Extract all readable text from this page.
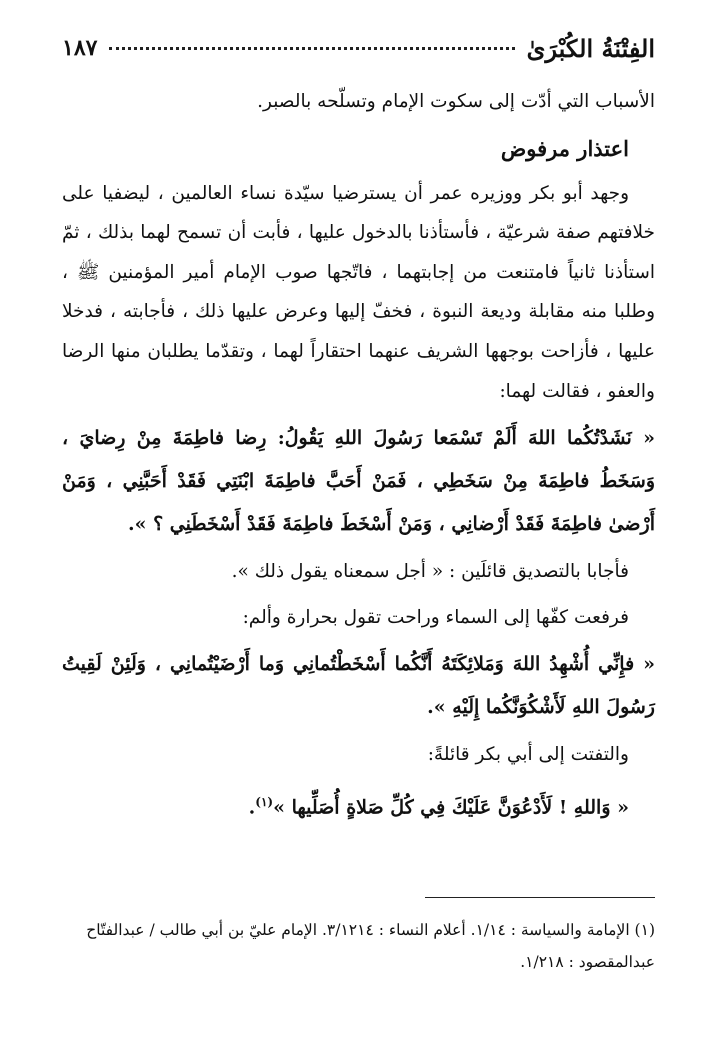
الفِتْنَةُ الكُبْرَىٰ
١٨٧

الأسباب التي أدّت إلى سكوت الإمام وتسلّحه بالصبر.

اعتذار مرفوض

وجهد أبو بكر ووزيره عمر أن يسترضيا سيّدة نساء العالمين ، ليضفيا على خلافتهم صفة شرعيّة ، فأستأذنا بالدخول عليها ، فأبت أن تسمح لهما بذلك ، ثمّ استأذنا ثانياً فامتنعت من إجابتهما ، فاتّجها صوب الإمام أمير المؤمنين ﷺ ، وطلبا منه مقابلة وديعة النبوة ، فخفّ إليها وعرض عليها ذلك ، فأجابته ، فدخلا عليها ، فأزاحت بوجهها الشريف عنهما احتقاراً لهما ، وتقدّما يطلبان منها الرضا والعفو ، فقالت لهما:

« نَشَدْتُكُما اللهَ أَلَمْ تَسْمَعا رَسُولَ اللهِ يَقُولُ: رِضا فاطِمَةَ مِنْ رِضايَ ، وَسَخَطُ فاطِمَةَ مِنْ سَخَطِي ، فَمَنْ أَحَبَّ فاطِمَةَ ابْنَتِي فَقَدْ أَحَبَّنِي ، وَمَنْ أَرْضىٰ فاطِمَةَ فَقَدْ أَرْضانِي ، وَمَنْ أَسْخَطَ فاطِمَةَ فَقَدْ أَسْخَطَنِي ؟ ».

فأجابا بالتصديق قائلَين : « أجل سمعناه يقول ذلك ».

فرفعت كفّها إلى السماء وراحت تقول بحرارة وألم:

« فإِنِّي أُشْهِدُ اللهَ وَمَلائِكَتَهُ أَنَّكُما أَسْخَطْتُمانِي وَما أَرْضَيْتُمانِي ، وَلَئِنْ لَقِيتُ رَسُولَ اللهِ لَأَشْكُوَنَّكُما إِلَيْهِ ».

والتفتت إلى أبي بكر قائلةً:

« وَاللهِ ! لَأَدْعُوَنَّ عَلَيْكَ فِي كُلِّ صَلاةٍ أُصَلِّيها »$^{(١)}$.

(١) الإمامة والسياسة : ١/١٤. أعلام النساء : ٣/١٢١٤. الإمام عليّ بن أبي طالب / عبدالفتّاح

عبدالمقصود : ١/٢١٨.
